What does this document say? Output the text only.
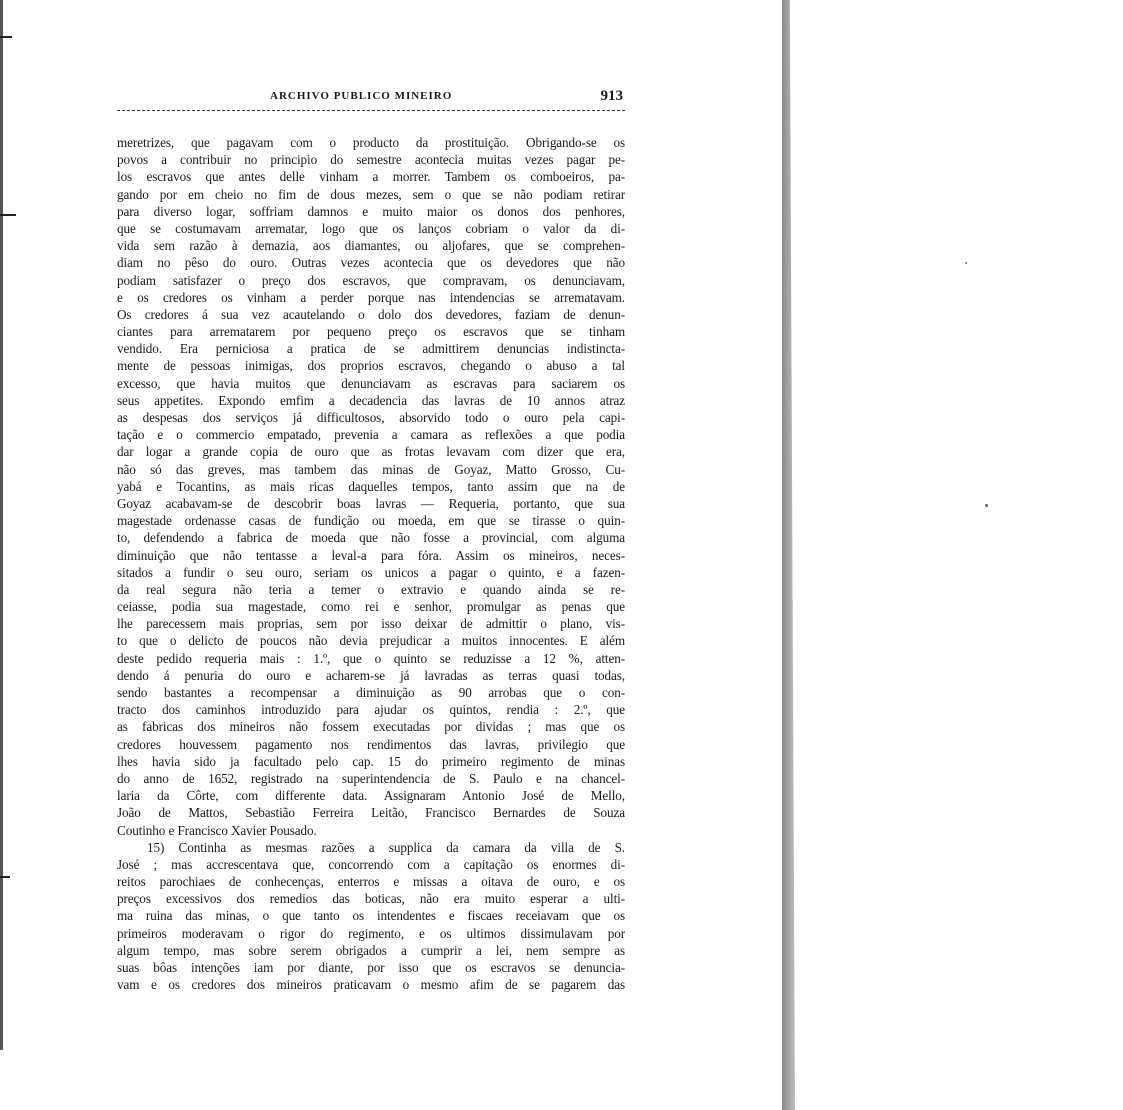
ARCHIVO PUBLICO MINEIRO	913
meretrizes, que pagavam com o producto da prostituição. Obrigando-se os
povos a contribuir no principio do semestre acontecia muitas vezes pagar pe-
los escravos que antes delle vinham a morrer. Tambem os comboeiros, pa-
gando por em cheio no fim de dous mezes, sem o que se não podiam retirar
para diverso logar, soffriam damnos e muito maior os donos dos penhores,
que se costumavam arrematar, logo que os lanços cobriam o valor da di-
vida sem razão à demazia, aos diamantes, ou aljofares, que se comprehen-
diam no pêso do ouro. Outras vezes acontecia que os devedores que não
podiam satisfazer o preço dos escravos, que compravam, os denunciavam,
e os credores os vinham a perder porque nas intendencias se arrematavam.
Os credores á sua vez acautelando o dolo dos devedores, faziam de denun-
ciantes para arrematarem por pequeno preço os escravos que se tinham
vendido. Era perniciosa a pratica de se admittirem denuncias indistincta-
mente de pessoas inimigas, dos proprios escravos, chegando o abuso a tal
excesso, que havia muitos que denunciavam as escravas para saciarem os
seus appetites. Expondo emfim a decadencia das lavras de 10 annos atraz
as despesas dos serviços já difficultosos, absorvido todo o ouro pela capi-
tação e o commercio empatado, prevenia a camara as reflexões a que podia
dar logar a grande copia de ouro que as frotas levavam com dizer que era,
não só das greves, mas tambem das minas de Goyaz, Matto Grosso, Cu-
yabá e Tocantins, as mais ricas daquelles tempos, tanto assim que na de
Goyaz acabavam-se de descobrir boas lavras — Requeria, portanto, que sua
magestade ordenasse casas de fundição ou moeda, em que se tirasse o quin-
to, defendendo a fabrica de moeda que não fosse a provincial, com alguma
diminuição que não tentasse a leval-a para fóra. Assim os mineiros, neces-
sitados a fundir o seu ouro, seriam os unicos a pagar o quinto, e a fazen-
da real segura não teria a temer o extravio e quando ainda se re-
ceiasse, podia sua magestade, como rei e senhor, promulgar as penas que
lhe parecessem mais proprias, sem por isso deixar de admittir o plano, vis-
to que o delicto de poucos não devia prejudicar a muitos innocentes. E além
deste pedido requeria mais : 1.º, que o quinto se reduzisse a 12 %, atten-
dendo á penuria do ouro e acharem-se já lavradas as terras quasi todas,
sendo bastantes a recompensar a diminuição as 90 arrobas que o con-
tracto dos caminhos introduzido para ajudar os quintos, rendia : 2.º, que
as fabricas dos mineiros não fossem executadas por dividas ; mas que os
credores houvessem pagamento nos rendimentos das lavras, privilegio que
lhes havia sido ja facultado pelo cap. 15 do primeiro regimento de minas
do anno de 1652, registrado na superintendencia de S. Paulo e na chancel-
laria da Côrte, com differente data. Assignaram Antonio José de Mello,
João de Mattos, Sebastião Ferreira Leitão, Francisco Bernardes de Souza
Coutinho e Francisco Xavier Pousado.
15) Continha as mesmas razões a supplica da camara da villa de S.
José ; mas accrescentava que, concorrendo com a capitação os enormes di-
reitos parochiaes de conhecenças, enterros e missas a oitava de ouro, e os
preços excessivos dos remedios das boticas, não era muito esperar a ulti-
ma ruina das minas, o que tanto os intendentes e fiscaes receiavam que os
primeiros moderavam o rigor do regimento, e os ultimos dissimulavam por
algum tempo, mas sobre serem obrigados a cumprir a lei, nem sempre as
suas bôas intenções iam por diante, por isso que os escravos se denuncia-
vam e os credores dos mineiros praticavam o mesmo afim de se pagarem das
